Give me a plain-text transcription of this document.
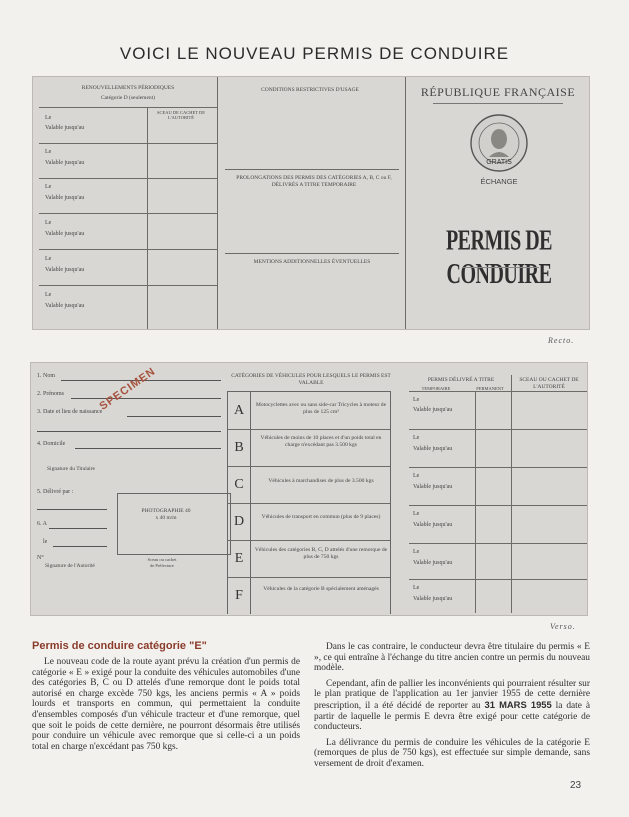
VOICI LE NOUVEAU PERMIS DE CONDUIRE
RENOUVELLEMENTS PÉRIODIQUES
Catégorie D (seulement)
SCEAU DE CACHET DE L'AUTORITÉ
Le
Valable jusqu'au
Le
Valable jusqu'au
Le
Valable jusqu'au
Le
Valable jusqu'au
Le
Valable jusqu'au
Le
Valable jusqu'au
CONDITIONS RESTRICTIVES D'USAGE
PROLONGATIONS DES PERMIS DES CATÉGORIES A, B, C ou F, DÉLIVRÉS A TITRE TEMPORAIRE
MENTIONS ADDITIONNELLES ÉVENTUELLES
RÉPUBLIQUE FRANÇAISE
GRATIS
ÉCHANGE
PERMIS DE CONDUIRE
Recto.
1. Nom
2. Prénoms
3. Date et lieu de naissance
4. Domicile
Signature du Titulaire
5. Délivré par :
6. A
le
N°
Signature de l'Autorité
PHOTOGRAPHIE 40 x 40 m/m
Sceau ou cachet de Préfecture
SPECIMEN	CATÉGORIES DE VÉHICULES POUR LESQUELS LE PERMIS EST VALABLE
A	Motocyclettes avec ou sans side-car Tricycles à moteur de plus de 125 cm³
B
Véhicules de moins de 10 places et d'un poids total en charge n'excédant pas 3.500 kgs
C	Véhicules à marchandises de plus de 3.500 kgs
D	Véhicules de transport en commun (plus de 9 places)
E
Véhicules des catégories B, C, D attelés d'une remorque de plus de 750 kgs
F	Véhicules de la catégorie B spécialement aménagés
PERMIS DÉLIVRÉ A TITRE
TEMPORAIRE	PERMANENT
SCEAU OU CACHET DE L'AUTORITÉ
Le
Valable jusqu'au
Le
Valable jusqu'au
Le
Valable jusqu'au
Le
Valable jusqu'au
Le
Valable jusqu'au
Le
Valable jusqu'au
Verso.
Permis de conduire catégorie "E"

Le nouveau code de la route ayant prévu la création d'un permis de catégorie « E » exigé pour la conduite des véhicules automobiles d'une des catégories B, C ou D attelés d'une remorque dont le poids total autorisé en charge excède 750 kgs, les anciens permis « A » poids lourds et transports en commun, qui permettaient la conduite d'ensembles composés d'un véhicule tracteur et d'une remorque, quel que soit le poids de cette dernière, ne pourront désormais être utilisés pour conduire un véhicule avec remorque que si celle-ci a un poids total en charge n'excédant pas 750 kgs.

Dans le cas contraire, le conducteur devra être titulaire du permis « E », ce qui entraîne à l'échange du titre ancien contre un permis du nouveau modèle.

Cependant, afin de pallier les inconvénients qui pourraient résulter sur le plan pratique de l'application au 1er janvier 1955 de cette dernière prescription, il a été décidé de reporter au 31 MARS 1955 la date à partir de laquelle le permis E devra être exigé pour cette catégorie de conducteurs.

La délivrance du permis de conduire les véhicules de la catégorie E (remorques de plus de 750 kgs), est effectuée sur simple demande, sans versement de droit d'examen.

23
